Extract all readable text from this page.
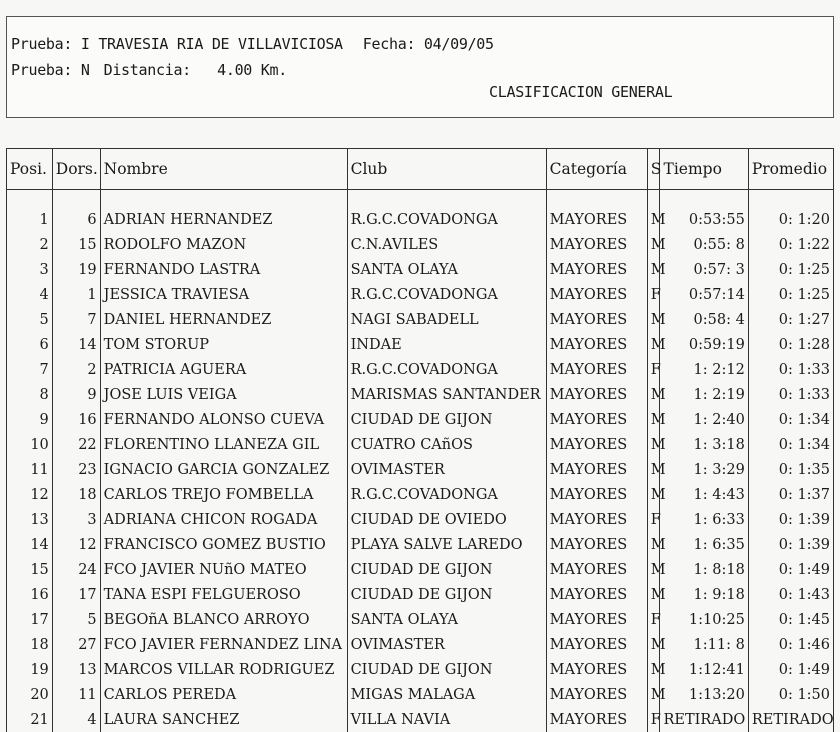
Prueba: I TRAVESIA RIA DE VILLAVICIOSA Fecha: 04/09/05
Prueba: N Distancia: 4.00 Km.
CLASIFICACION GENERAL
Posi.	Dors.	Nombre	Club	Categoría	S	Tiempo	Promedio

1	6	ADRIAN HERNANDEZ	R.G.C.COVADONGA	MAYORES	M	0:53:55	0: 1:20
2	15	RODOLFO MAZON	C.N.AVILES	MAYORES	M	0:55: 8	0: 1:22
3	19	FERNANDO LASTRA	SANTA OLAYA	MAYORES	M	0:57: 3	0: 1:25
4	1	JESSICA TRAVIESA	R.G.C.COVADONGA	MAYORES	F	0:57:14	0: 1:25
5	7	DANIEL HERNANDEZ	NAGI SABADELL	MAYORES	M	0:58: 4	0: 1:27
6	14	TOM STORUP	INDAE	MAYORES	M	0:59:19	0: 1:28
7	2	PATRICIA AGUERA	R.G.C.COVADONGA	MAYORES	F	1: 2:12	0: 1:33
8	9	JOSE LUIS VEIGA	MARISMAS SANTANDER	MAYORES	M	1: 2:19	0: 1:33
9	16	FERNANDO ALONSO CUEVA	CIUDAD DE GIJON	MAYORES	M	1: 2:40	0: 1:34
10	22	FLORENTINO LLANEZA GIL	CUATRO CAñOS	MAYORES	M	1: 3:18	0: 1:34
11	23	IGNACIO GARCIA GONZALEZ	OVIMASTER	MAYORES	M	1: 3:29	0: 1:35
12	18	CARLOS TREJO FOMBELLA	R.G.C.COVADONGA	MAYORES	M	1: 4:43	0: 1:37
13	3	ADRIANA CHICON ROGADA	CIUDAD DE OVIEDO	MAYORES	F	1: 6:33	0: 1:39
14	12	FRANCISCO GOMEZ BUSTIO	PLAYA SALVE LAREDO	MAYORES	M	1: 6:35	0: 1:39
15	24	FCO JAVIER NUñO MATEO	CIUDAD DE GIJON	MAYORES	M	1: 8:18	0: 1:49
16	17	TANA ESPI FELGUEROSO	CIUDAD DE GIJON	MAYORES	M	1: 9:18	0: 1:43
17	5	BEGOñA BLANCO ARROYO	SANTA OLAYA	MAYORES	F	1:10:25	0: 1:45
18	27	FCO JAVIER FERNANDEZ LINA	OVIMASTER	MAYORES	M	1:11: 8	0: 1:46
19	13	MARCOS VILLAR RODRIGUEZ	CIUDAD DE GIJON	MAYORES	M	1:12:41	0: 1:49
20	11	CARLOS PEREDA	MIGAS MALAGA	MAYORES	M	1:13:20	0: 1:50
21	4	LAURA SANCHEZ	VILLA NAVIA	MAYORES	F	RETIRADO	RETIRADO
